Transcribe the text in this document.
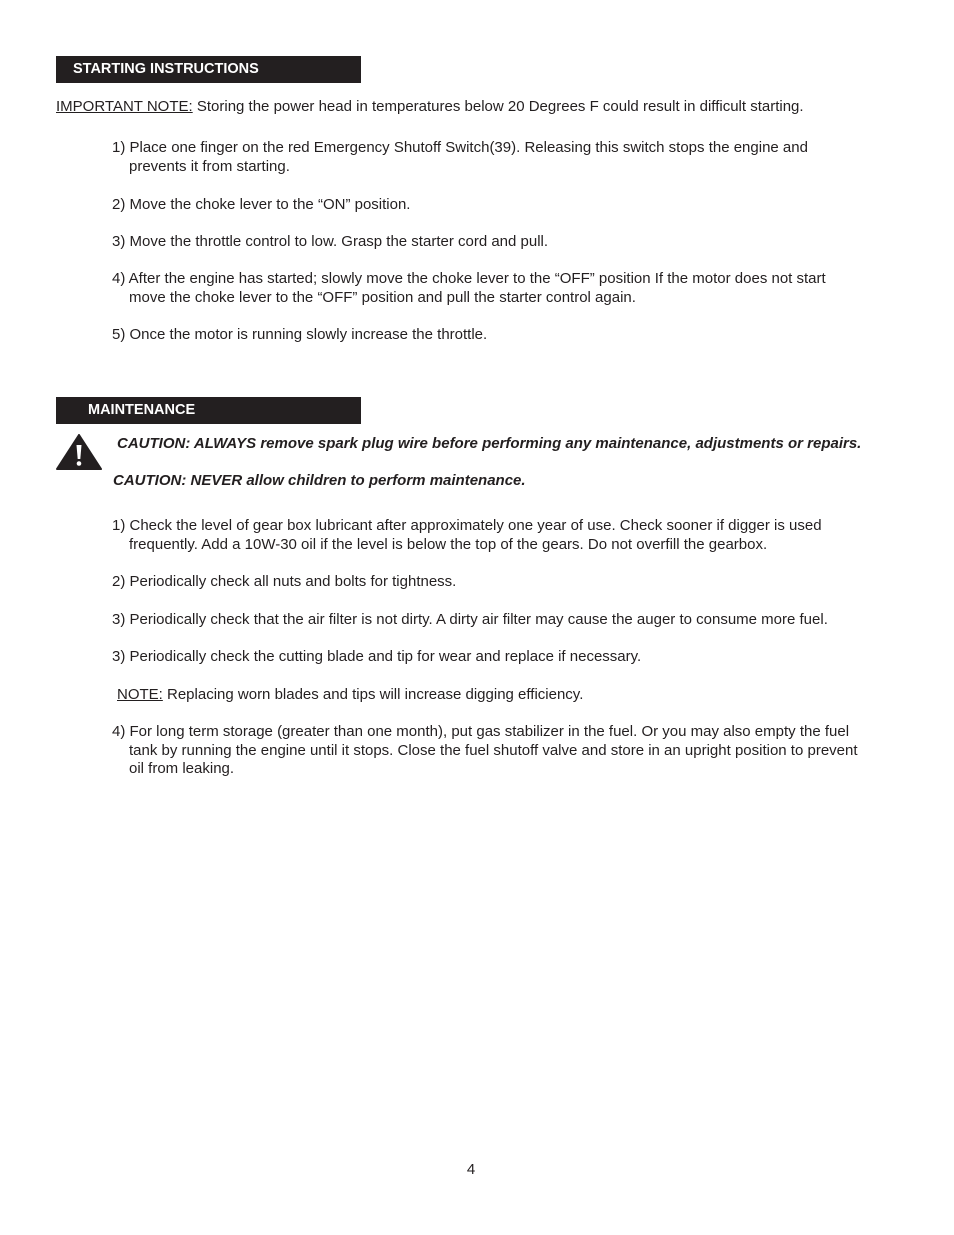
STARTING INSTRUCTIONS
IMPORTANT NOTE: Storing the power head in temperatures below 20 Degrees F could result in difficult starting.
1) Place one finger on the red Emergency Shutoff Switch(39). Releasing this switch stops the engine and
prevents it from starting.
2) Move the choke lever to the “ON” position.
3) Move the throttle control to low. Grasp the starter cord and pull.
4) After the engine has started; slowly move the choke lever to the “OFF” position If the motor does not start
move the choke lever to the “OFF” position and pull the starter control again.
5) Once the motor is running slowly increase the throttle.
MAINTENANCE
CAUTION: ALWAYS remove spark plug wire before performing any maintenance, adjustments or repairs.
CAUTION: NEVER allow children to perform maintenance.
1) Check the level of gear box lubricant after approximately one year of use. Check sooner if digger is used
frequently. Add a 10W-30 oil if the level is below the top of the gears. Do not overfill the gearbox.
2) Periodically check all nuts and bolts for tightness.
3) Periodically check that the air filter is not dirty. A dirty air filter may cause the auger to consume more fuel.
3) Periodically check the cutting blade and tip for wear and replace if necessary.
NOTE: Replacing worn blades and tips will increase digging efficiency.
4) For long term storage (greater than one month), put gas stabilizer in the fuel. Or you may also empty the fuel
tank by running the engine until it stops. Close the fuel shutoff valve and store in an upright position to prevent
oil from leaking.
4
